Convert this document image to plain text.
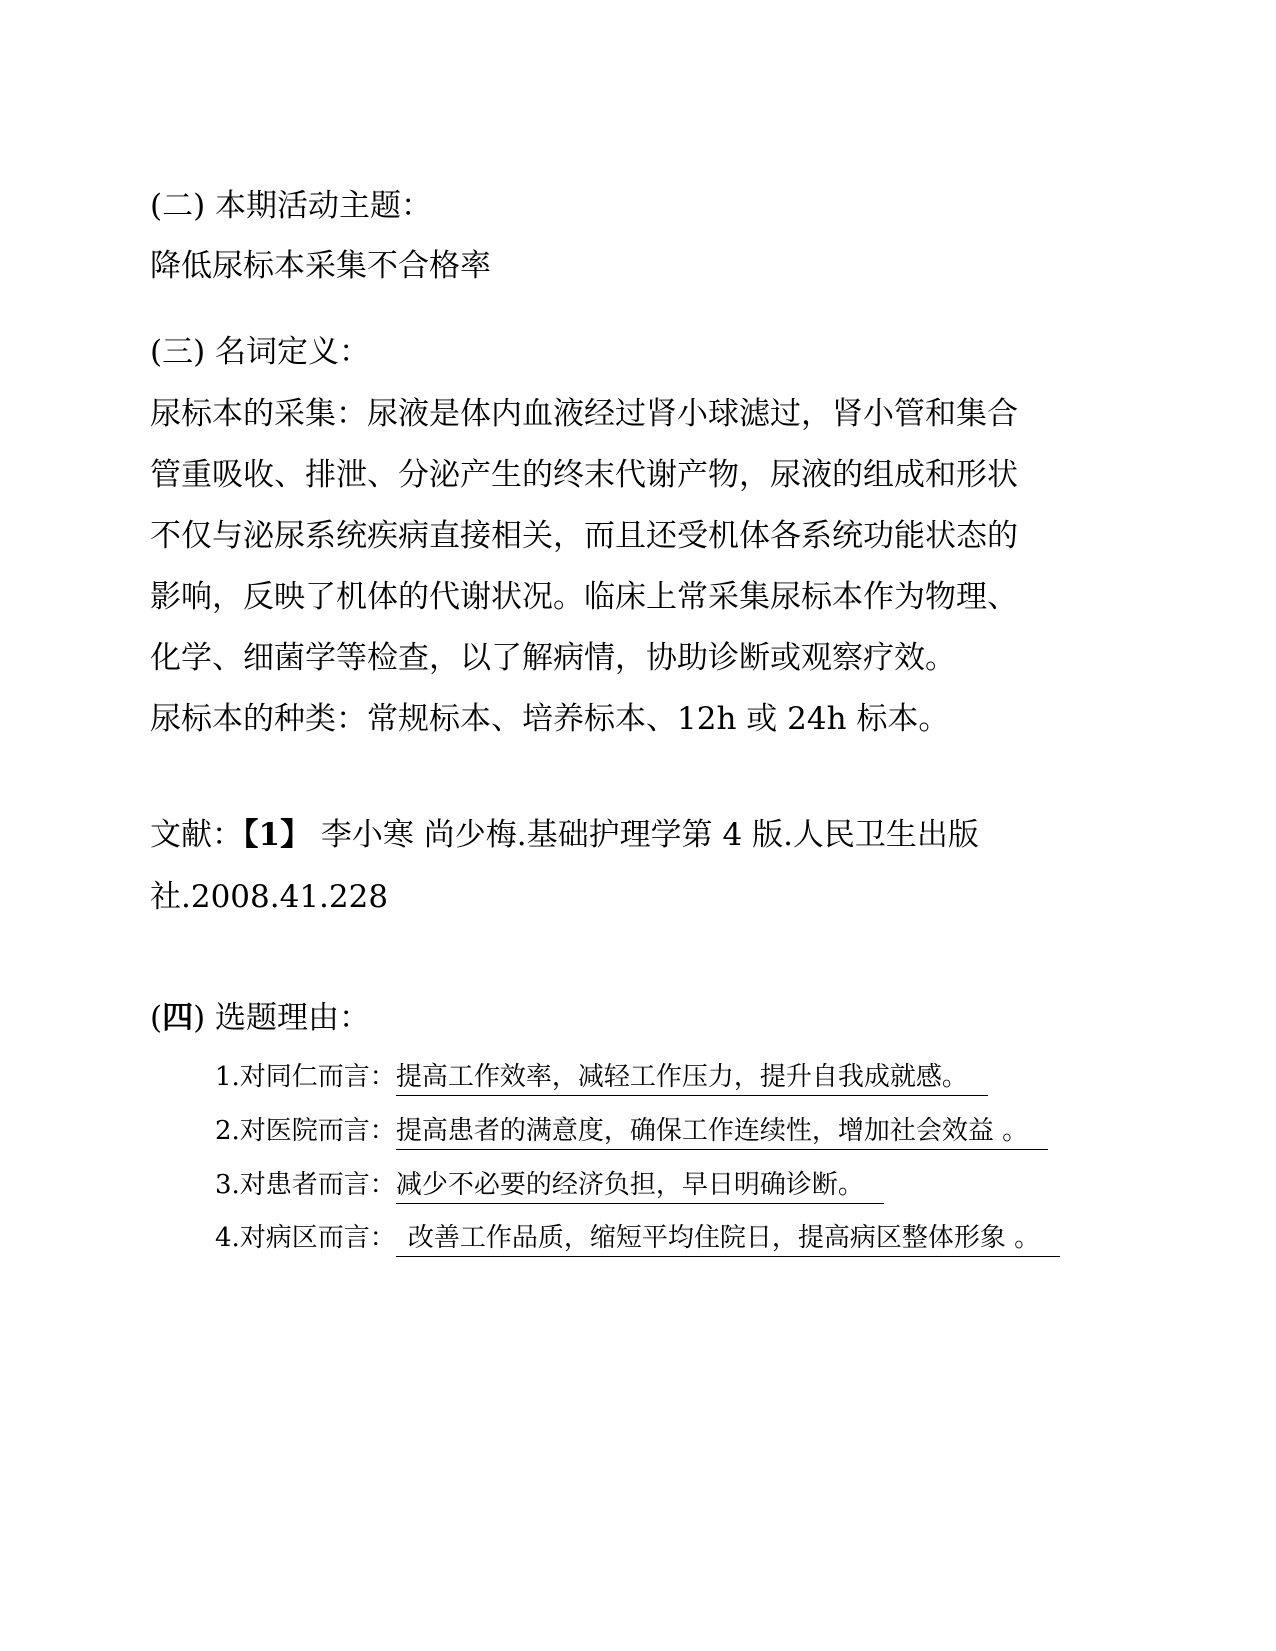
(二) 本期活动主题：
降低尿标本采集不合格率
(三) 名词定义：
尿标本的采集：尿液是体内血液经过肾小球滤过，肾小管和集合
管重吸收、排泄、分泌产生的终末代谢产物，尿液的组成和形状
不仅与泌尿系统疾病直接相关，而且还受机体各系统功能状态的
影响，反映了机体的代谢状况。临床上常采集尿标本作为物理、
化学、细菌学等检查，以了解病情，协助诊断或观察疗效。
尿标本的种类：常规标本、培养标本、12h 或 24h 标本。
文献：【1】 李小寒 尚少梅.基础护理学第 4 版.人民卫生出版
社.2008.41.228
(四) 选题理由：
1.对同仁而言：提高工作效率，减轻工作压力，提升自我成就感。
2.对医院而言：提高患者的满意度，确保工作连续性，增加社会效益 。
3.对患者而言：减少不必要的经济负担，早日明确诊断。
4.对病区而言： 改善工作品质，缩短平均住院日，提高病区整体形象 。
